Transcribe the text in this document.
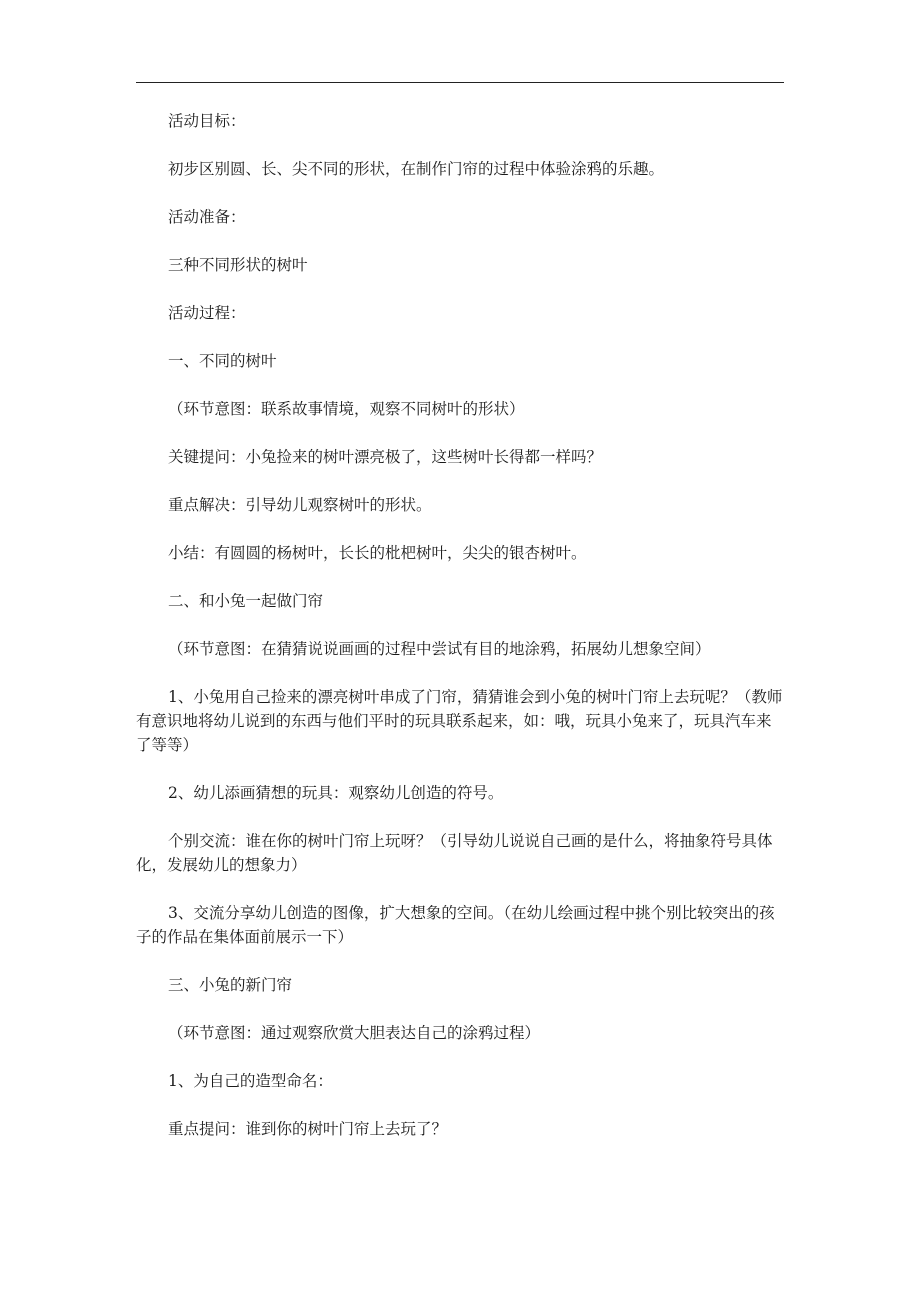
活动目标：

初步区别圆、长、尖不同的形状，在制作门帘的过程中体验涂鸦的乐趣。

活动准备：

三种不同形状的树叶

活动过程：

一、不同的树叶

（环节意图：联系故事情境，观察不同树叶的形状）

关键提问：小兔捡来的树叶漂亮极了，这些树叶长得都一样吗？

重点解决：引导幼儿观察树叶的形状。

小结：有圆圆的杨树叶，长长的枇杷树叶，尖尖的银杏树叶。

二、和小兔一起做门帘

（环节意图：在猜猜说说画画的过程中尝试有目的地涂鸦，拓展幼儿想象空间）

1、小兔用自己捡来的漂亮树叶串成了门帘，猜猜谁会到小兔的树叶门帘上去玩呢？（教师有意识地将幼儿说到的东西与他们平时的玩具联系起来，如：哦，玩具小兔来了，玩具汽车来了等等）

2、幼儿添画猜想的玩具：观察幼儿创造的符号。

个别交流：谁在你的树叶门帘上玩呀？（引导幼儿说说自己画的是什么，将抽象符号具体化，发展幼儿的想象力）

3、交流分享幼儿创造的图像，扩大想象的空间。（在幼儿绘画过程中挑个别比较突出的孩子的作品在集体面前展示一下）

三、小兔的新门帘

（环节意图：通过观察欣赏大胆表达自己的涂鸦过程）

1、为自己的造型命名：

重点提问：谁到你的树叶门帘上去玩了？
